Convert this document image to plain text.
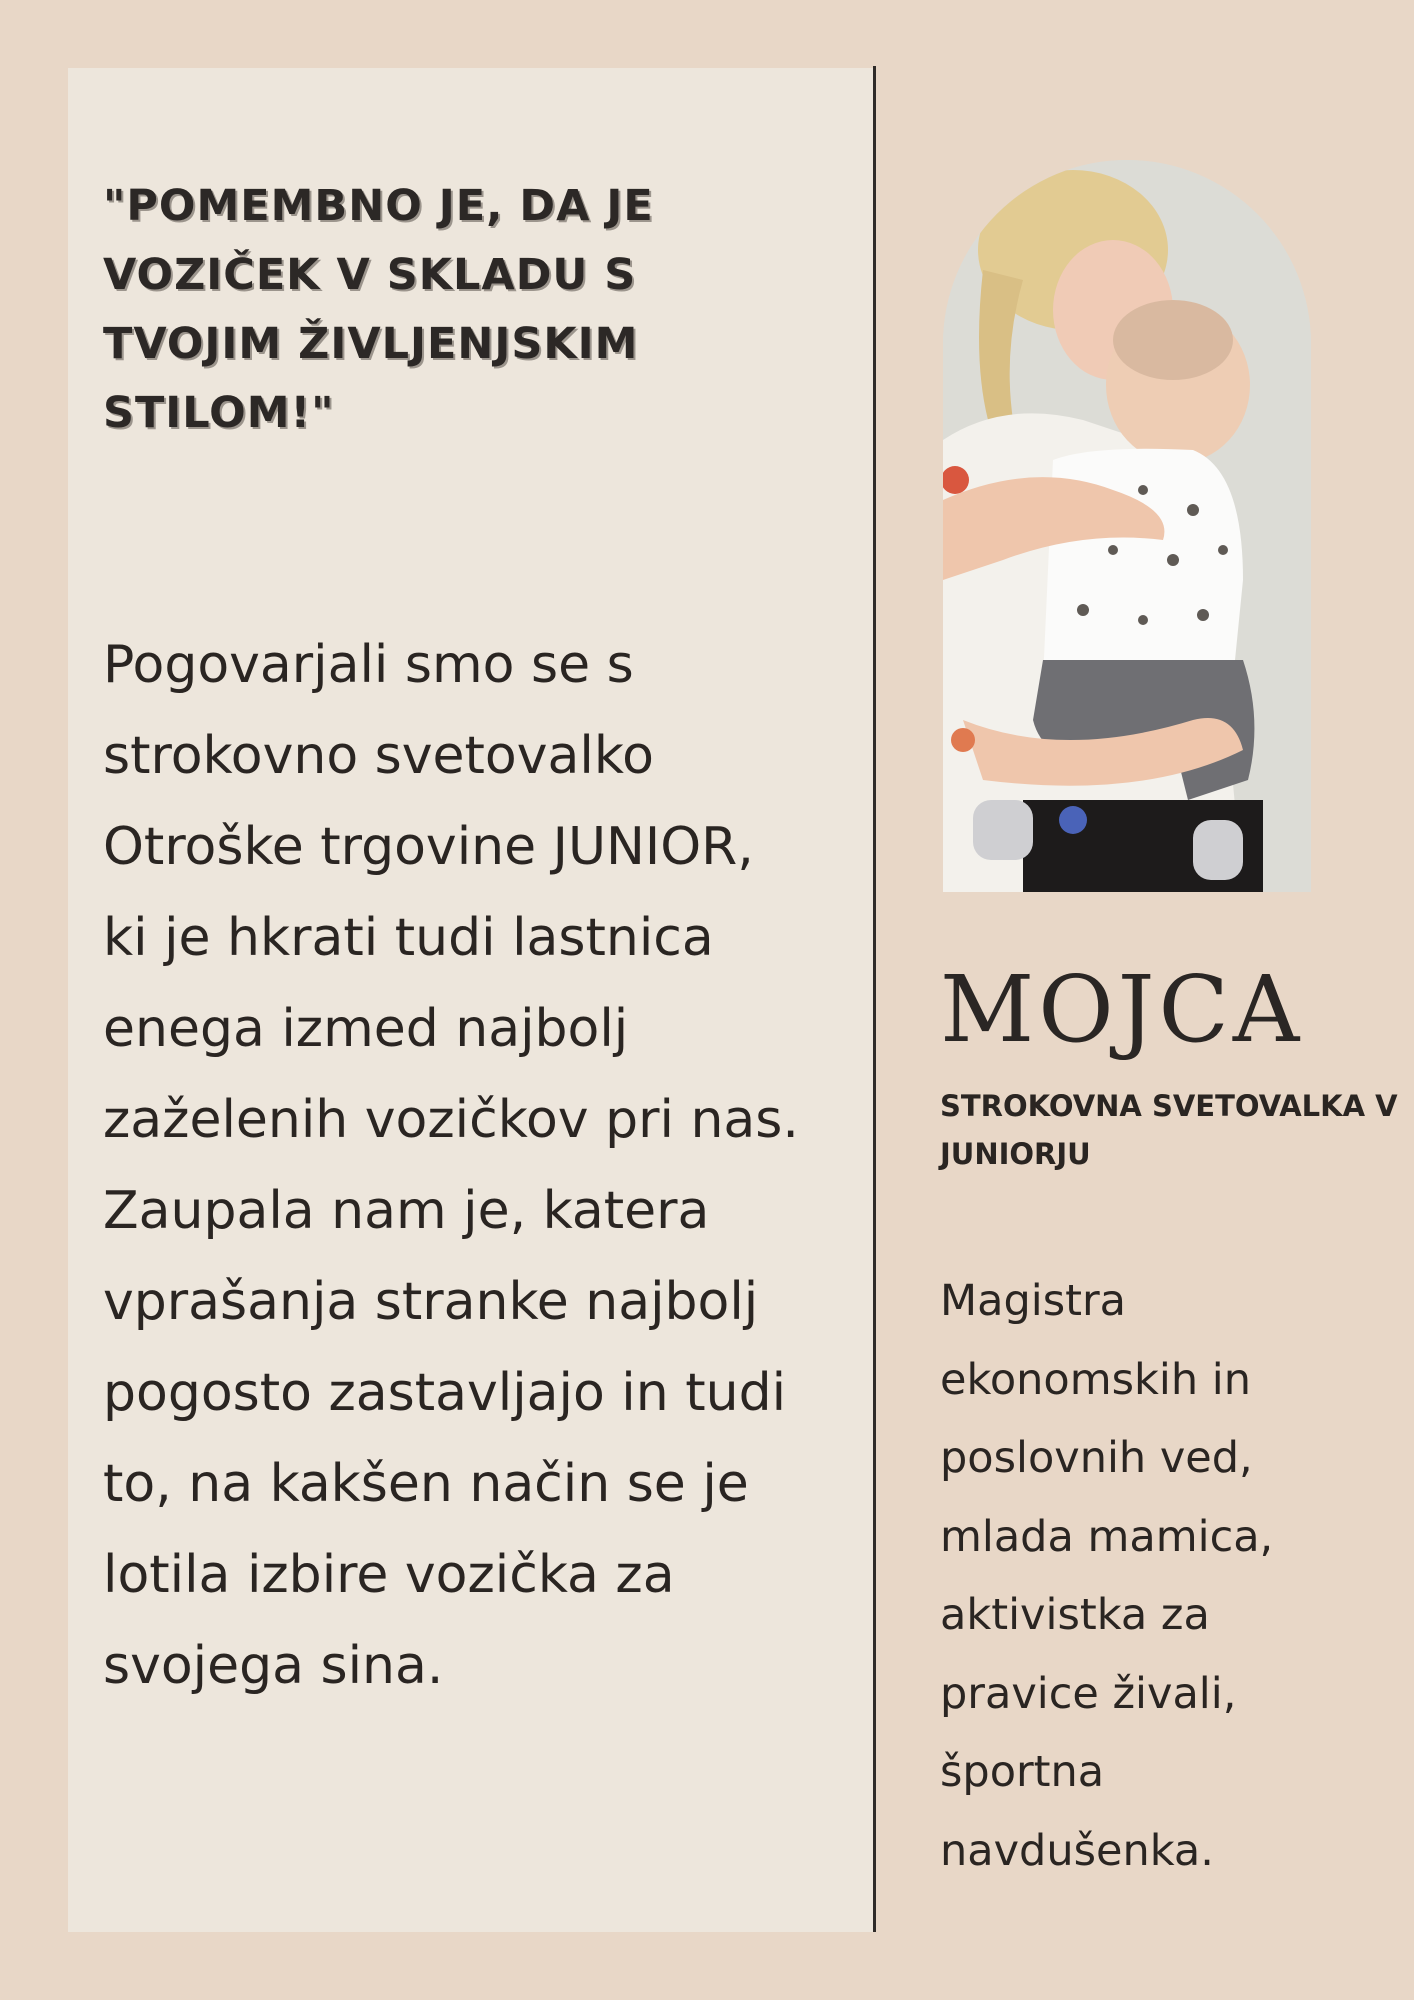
"POMEMBNO JE, DA JE
VOZIČEK V SKLADU S
TVOJIM ŽIVLJENJSKIM
STILOM!"

Pogovarjali smo se s
strokovno svetovalko
Otroške trgovine JUNIOR,
ki je hkrati tudi lastnica
enega izmed najbolj
zaželenih vozičkov pri nas.
Zaupala nam je, katera
vprašanja stranke najbolj
pogosto zastavljajo in tudi
to, na kakšen način se je
lotila izbire vozička za
svojega sina.

MOJCA

STROKOVNA SVETOVALKA V
JUNIORJU

Magistra
ekonomskih in
poslovnih ved,
mlada mamica,
aktivistka za
pravice živali,
športna
navdušenka.
